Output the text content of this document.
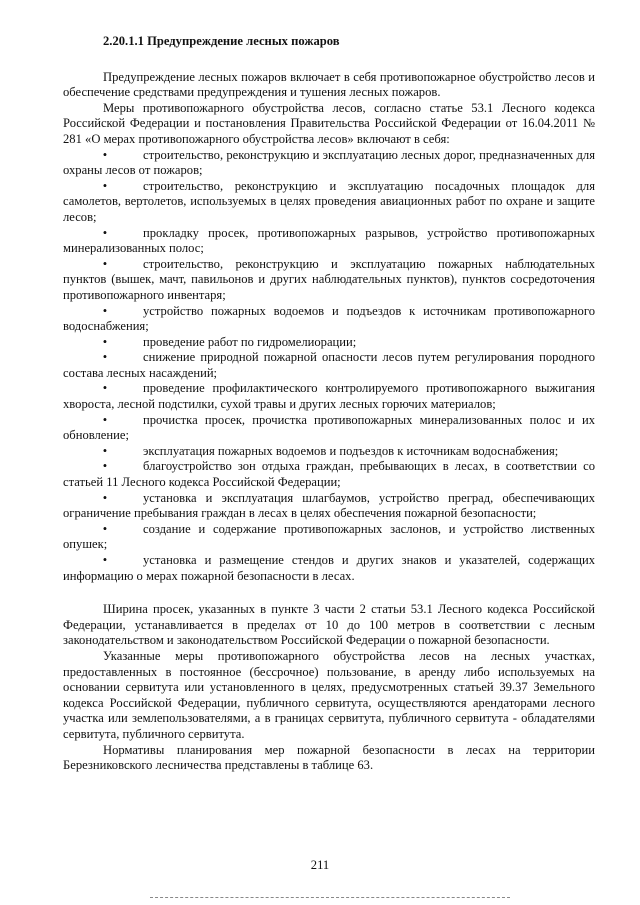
2.20.1.1 Предупреждение лесных пожаров

Предупреждение лесных пожаров включает в себя противопожарное обустройство лесов и обеспечение средствами предупреждения и тушения лесных пожаров.

Меры противопожарного обустройства лесов, согласно статье 53.1 Лесного кодекса Российской Федерации и постановления Правительства Российской Федерации от 16.04.2011 № 281 «О мерах противопожарного обустройства лесов» включают в себя:

•	строительство, реконструкцию и эксплуатацию лесных дорог, предназначенных для охраны лесов от пожаров;
•	строительство, реконструкцию и эксплуатацию посадочных площадок для самолетов, вертолетов, используемых в целях проведения авиационных работ по охране и защите лесов;
•	прокладку просек, противопожарных разрывов, устройство противопожарных минерализованных полос;
•	строительство, реконструкцию и эксплуатацию пожарных наблюдательных пунктов (вышек, мачт, павильонов и других наблюдательных пунктов), пунктов сосредоточения противопожарного инвентаря;
•	устройство пожарных водоемов и подъездов к источникам противопожарного водоснабжения;
•	проведение работ по гидромелиорации;
•	снижение природной пожарной опасности лесов путем регулирования породного состава лесных насаждений;
•	проведение профилактического контролируемого противопожарного выжигания хвороста, лесной подстилки, сухой травы и других лесных горючих материалов;
•	прочистка просек, прочистка противопожарных минерализованных полос и их обновление;
•	эксплуатация пожарных водоемов и подъездов к источникам водоснабжения;
•	благоустройство зон отдыха граждан, пребывающих в лесах, в соответствии со статьей 11 Лесного кодекса Российской Федерации;
•	установка и эксплуатация шлагбаумов, устройство преград, обеспечивающих ограничение пребывания граждан в лесах в целях обеспечения пожарной безопасности;
•	создание и содержание противопожарных заслонов, и устройство лиственных опушек;
•	установка и размещение стендов и других знаков и указателей, содержащих информацию о мерах пожарной безопасности в лесах.

Ширина просек, указанных в пункте 3 части 2 статьи 53.1 Лесного кодекса Российской Федерации, устанавливается в пределах от 10 до 100 метров в соответствии с лесным законодательством и законодательством Российской Федерации о пожарной безопасности.

Указанные меры противопожарного обустройства лесов на лесных участках, предоставленных в постоянное (бессрочное) пользование, в аренду либо используемых на основании сервитута или установленного в целях, предусмотренных статьей 39.37 Земельного кодекса Российской Федерации, публичного сервитута, осуществляются арендаторами лесного участка или землепользователями, а в границах сервитута, публичного сервитута - обладателями сервитута, публичного сервитута.

Нормативы планирования мер пожарной безопасности в лесах на территории Березниковского лесничества представлены в таблице 63.

211
